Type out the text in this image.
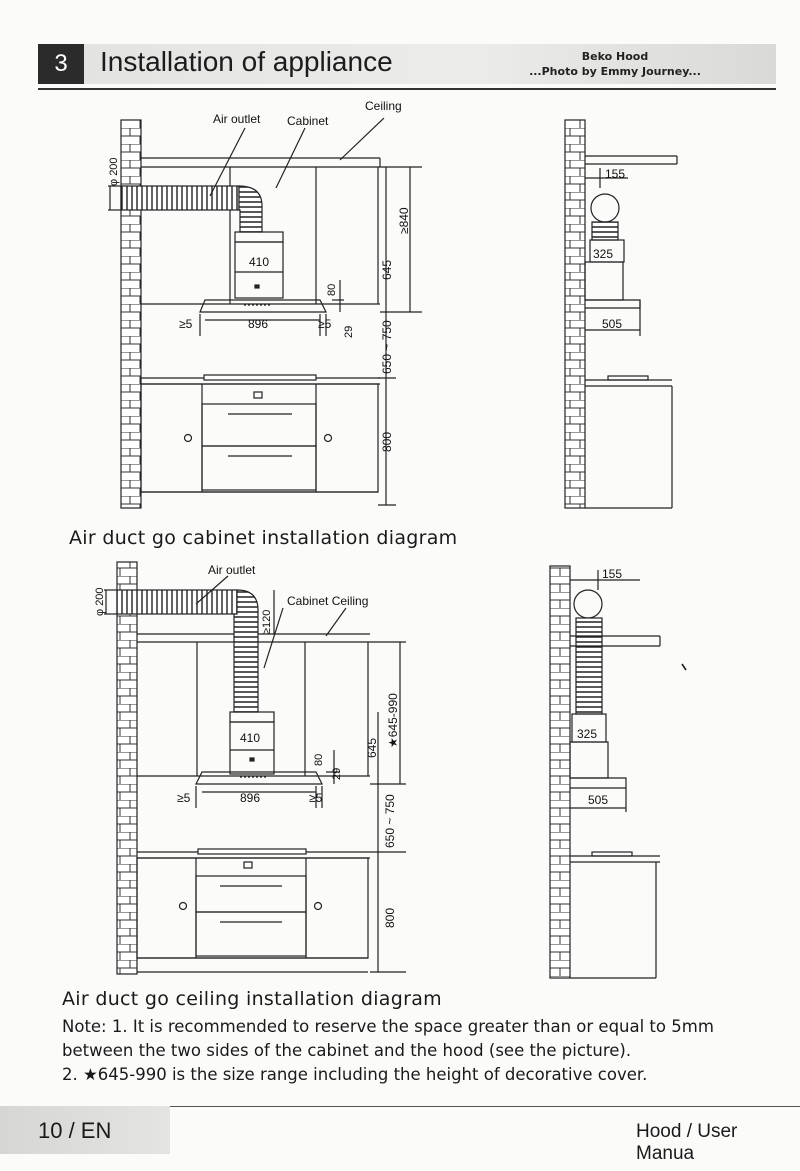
3	Installation of appliance	Beko Hood
...Photo by Emmy Journey...
Air outlet Cabinet
Ceiling
φ 200
≥840
645
410
80
896
≥5	≥5
29 650 ~ 750
800
155
325
505
Air outlet
Cabinet Ceiling
φ 200
≥120
★645-990
645
410
80
29
896
≥5	≥5	650 ~ 750
800
155
325
505
Air duct go cabinet installation diagram
Air duct go ceiling installation diagram
Note: 1. It is recommended to reserve the space greater than or equal to 5mm
between the two sides of the cabinet and the hood (see the picture).
2. ★645-990 is the size range including the height of decorative cover.
10 / EN	Hood / User Manua
